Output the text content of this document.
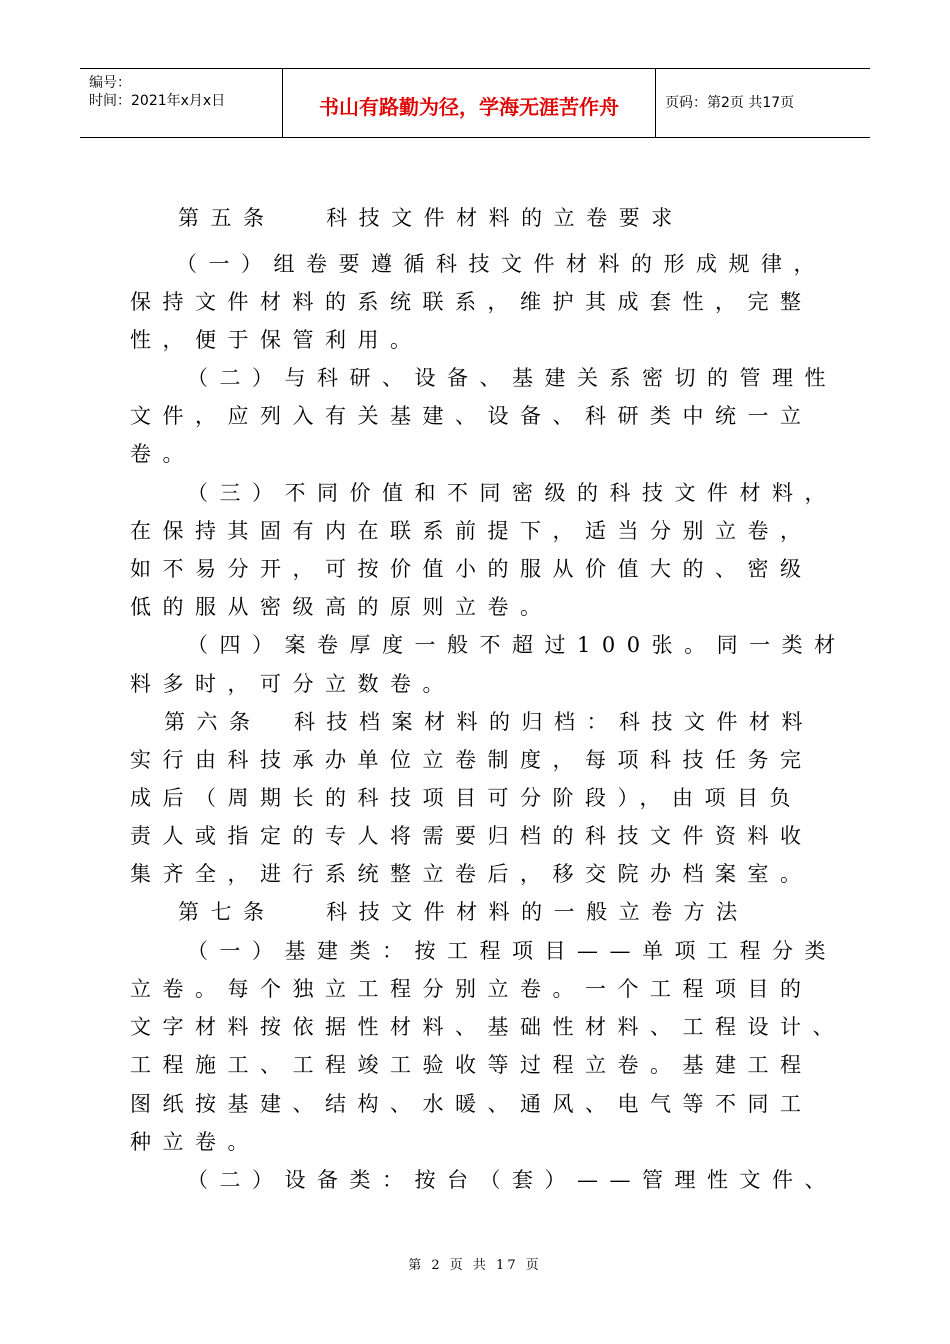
编号：
时间：2021年x月x日	书山有路勤为径，学海无涯苦作舟	页码：第2页 共17页
第五条　 科技文件材料的立卷要求
（一）组卷要遵循科技文件材料的形成规律，
保持文件材料的系统联系，维护其成套性，完整
性，便于保管利用。
（二）与科研、设备、基建关系密切的管理性
文件，应列入有关基建、设备、科研类中统一立
卷。
（三）不同价值和不同密级的科技文件材料，
在保持其固有内在联系前提下，适当分别立卷，
如不易分开，可按价值小的服从价值大的、密级
低的服从密级高的原则立卷。
（四）案卷厚度一般不超过100张。同一类材
料多时，可分立数卷。
第六条　科技档案材料的归档：科技文件材料
实行由科技承办单位立卷制度，每项科技任务完
成后（周期长的科技项目可分阶段），由项目负
责人或指定的专人将需要归档的科技文件资料收
集齐全，进行系统整立卷后，移交院办档案室。
第七条　 科技文件材料的一般立卷方法
（一）基建类：按工程项目——单项工程分类
立卷。每个独立工程分别立卷。一个工程项目的
文字材料按依据性材料、基础性材料、工程设计、
工程施工、工程竣工验收等过程立卷。基建工程
图纸按基建、结构、水暖、通风、电气等不同工
种立卷。
（二）设备类：按台（套）——管理性文件、
第 2 页 共 17 页
